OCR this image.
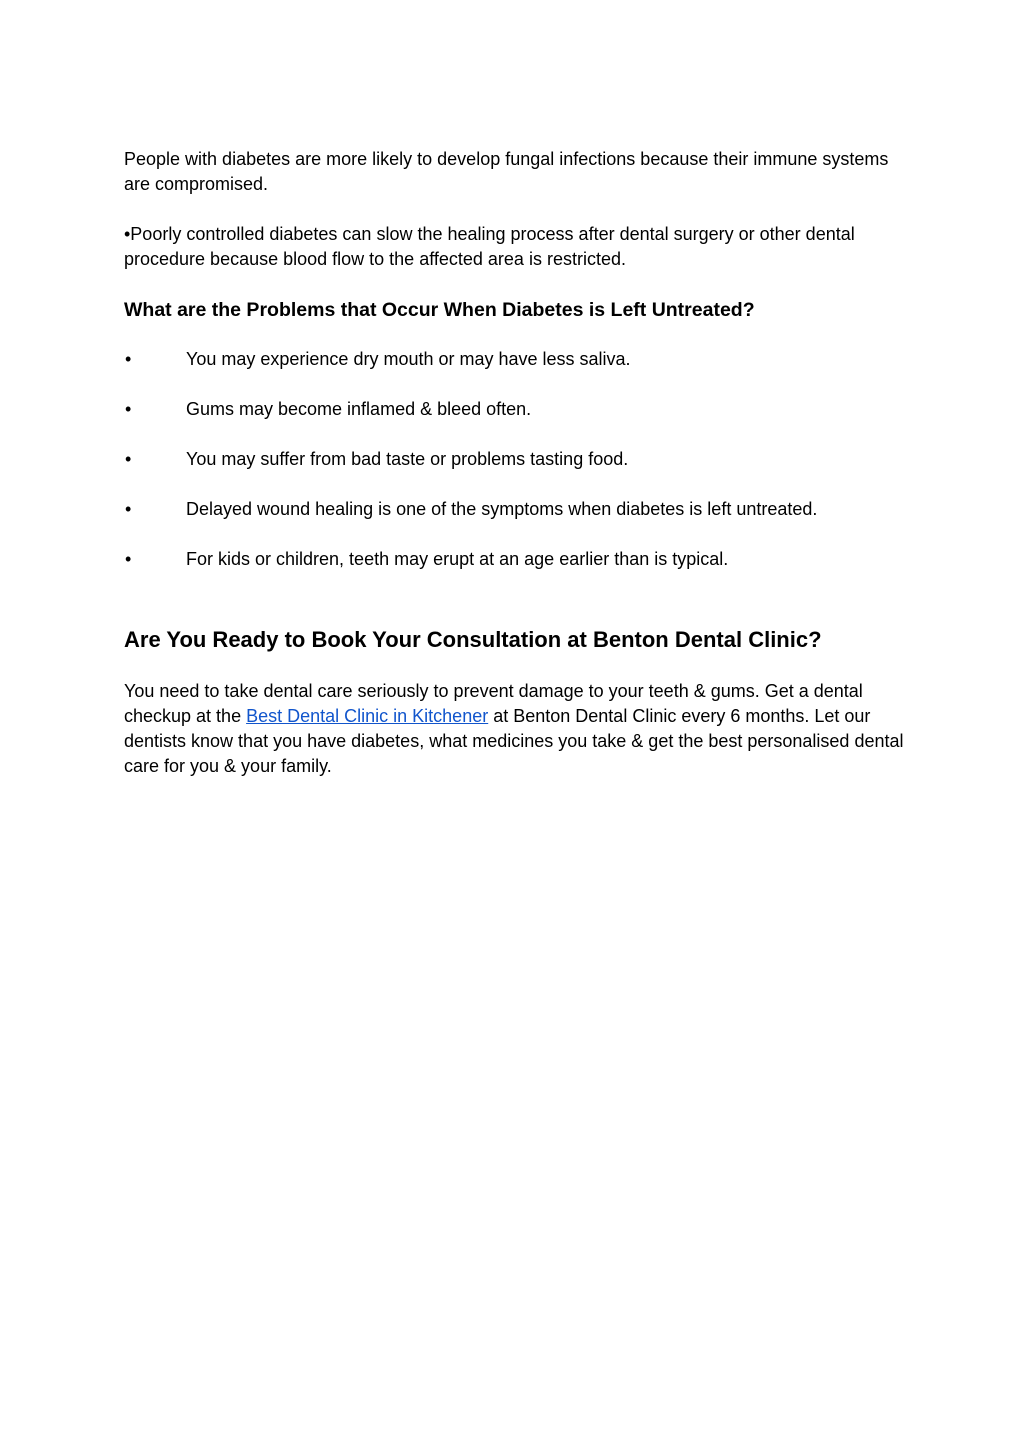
People with diabetes are more likely to develop fungal infections because their immune systems are compromised.

•Poorly controlled diabetes can slow the healing process after dental surgery or other dental procedure because blood flow to the affected area is restricted.

What are the Problems that Occur When Diabetes is Left Untreated?
•	You may experience dry mouth or may have less saliva.
•	Gums may become inflamed & bleed often.
•	You may suffer from bad taste or problems tasting food.
•	Delayed wound healing is one of the symptoms when diabetes is left untreated.
•	For kids or children, teeth may erupt at an age earlier than is typical.
Are You Ready to Book Your Consultation at Benton Dental Clinic?

You need to take dental care seriously to prevent damage to your teeth & gums. Get a dental checkup at the Best Dental Clinic in Kitchener at Benton Dental Clinic every 6 months. Let our dentists know that you have diabetes, what medicines you take & get the best personalised dental care for you & your family.
